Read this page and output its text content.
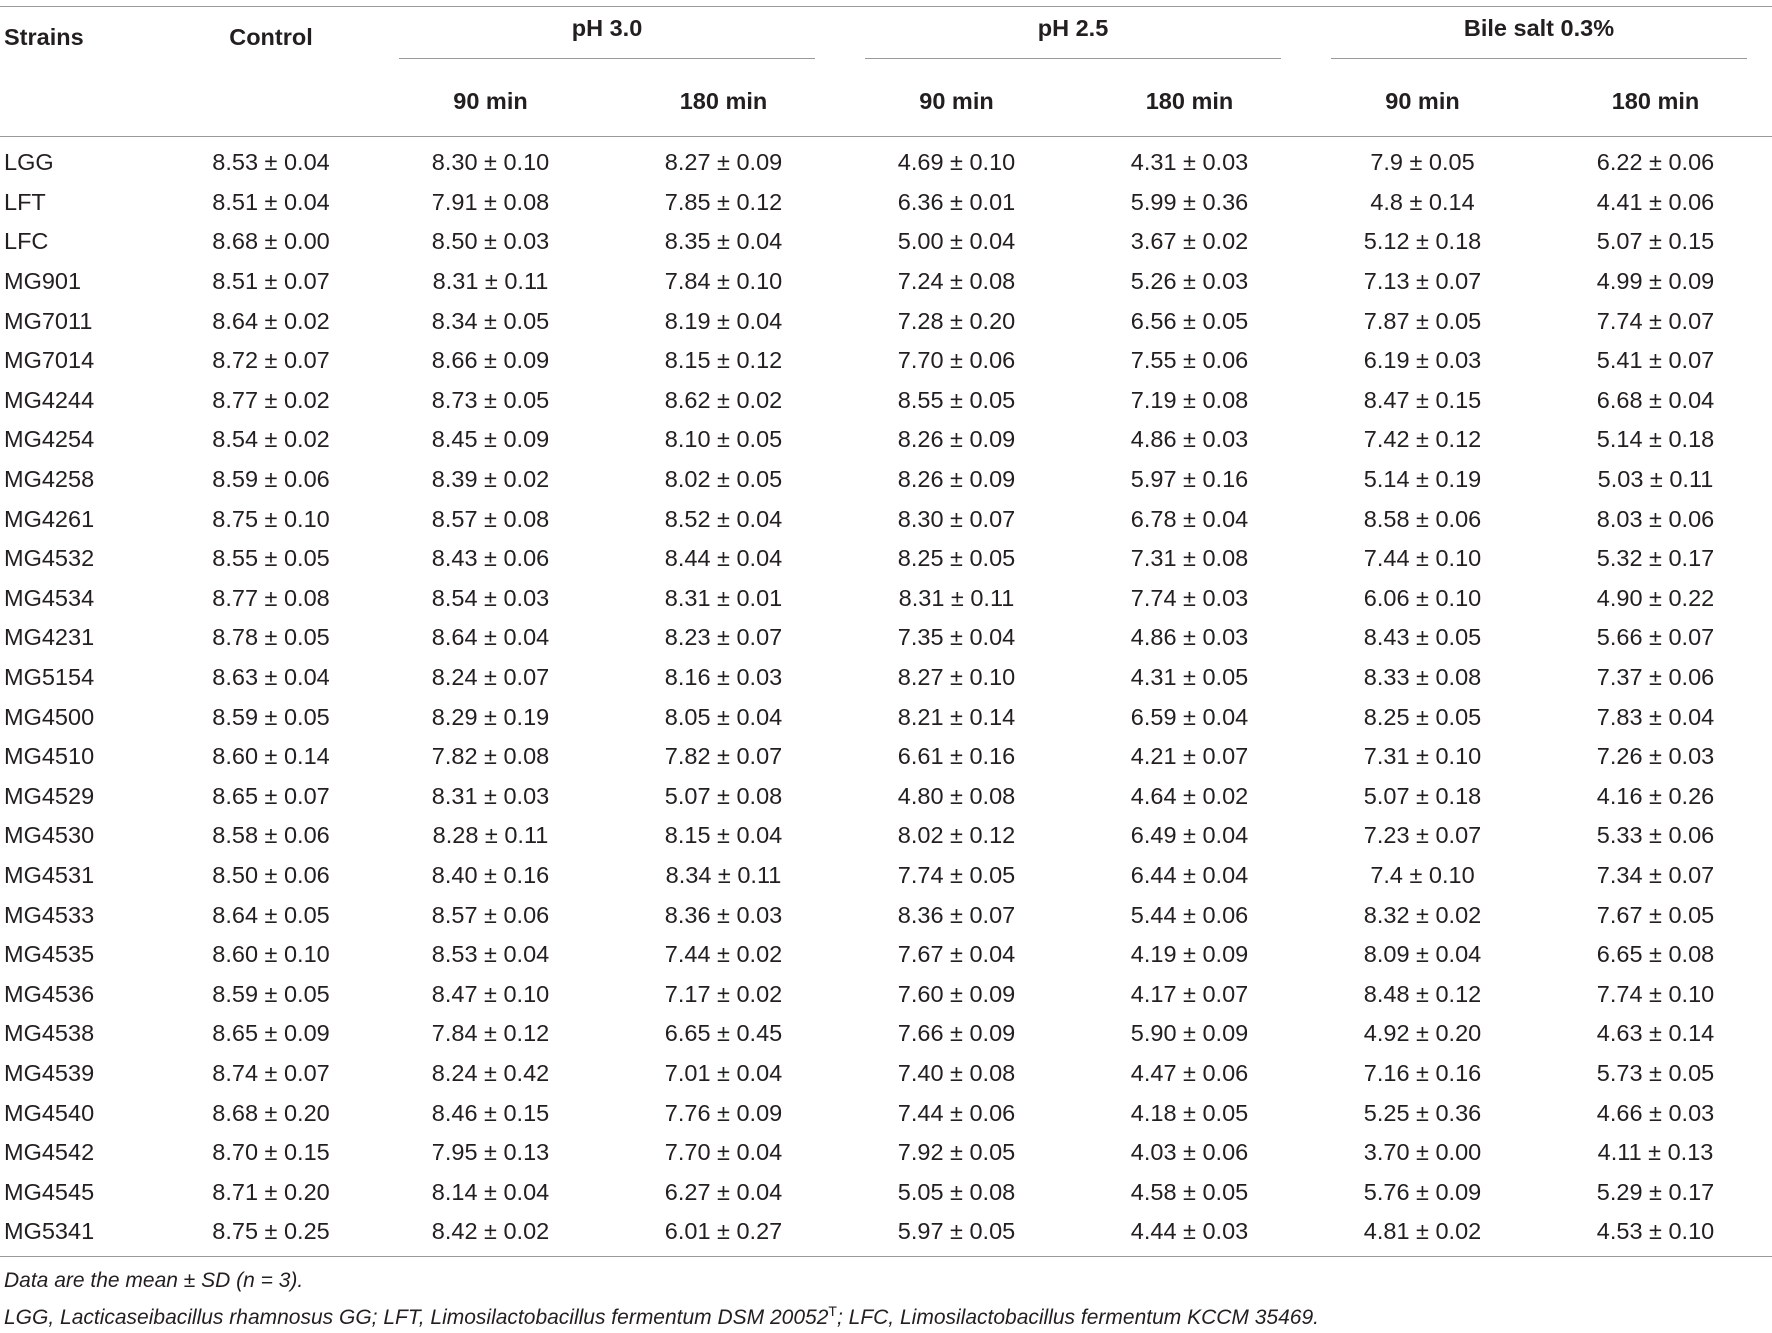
Strains	Control	pH 3.0		pH 2.5		Bile salt 0.3%	

		90 min	180 min	90 min	180 min	90 min	180 min
LGG	8.53 ± 0.04	8.30 ± 0.10	8.27 ± 0.09	4.69 ± 0.10	4.31 ± 0.03	7.9 ± 0.05	6.22 ± 0.06
LFT	8.51 ± 0.04	7.91 ± 0.08	7.85 ± 0.12	6.36 ± 0.01	5.99 ± 0.36	4.8 ± 0.14	4.41 ± 0.06
LFC	8.68 ± 0.00	8.50 ± 0.03	8.35 ± 0.04	5.00 ± 0.04	3.67 ± 0.02	5.12 ± 0.18	5.07 ± 0.15
MG901	8.51 ± 0.07	8.31 ± 0.11	7.84 ± 0.10	7.24 ± 0.08	5.26 ± 0.03	7.13 ± 0.07	4.99 ± 0.09
MG7011	8.64 ± 0.02	8.34 ± 0.05	8.19 ± 0.04	7.28 ± 0.20	6.56 ± 0.05	7.87 ± 0.05	7.74 ± 0.07
MG7014	8.72 ± 0.07	8.66 ± 0.09	8.15 ± 0.12	7.70 ± 0.06	7.55 ± 0.06	6.19 ± 0.03	5.41 ± 0.07
MG4244	8.77 ± 0.02	8.73 ± 0.05	8.62 ± 0.02	8.55 ± 0.05	7.19 ± 0.08	8.47 ± 0.15	6.68 ± 0.04
MG4254	8.54 ± 0.02	8.45 ± 0.09	8.10 ± 0.05	8.26 ± 0.09	4.86 ± 0.03	7.42 ± 0.12	5.14 ± 0.18
MG4258	8.59 ± 0.06	8.39 ± 0.02	8.02 ± 0.05	8.26 ± 0.09	5.97 ± 0.16	5.14 ± 0.19	5.03 ± 0.11
MG4261	8.75 ± 0.10	8.57 ± 0.08	8.52 ± 0.04	8.30 ± 0.07	6.78 ± 0.04	8.58 ± 0.06	8.03 ± 0.06
MG4532	8.55 ± 0.05	8.43 ± 0.06	8.44 ± 0.04	8.25 ± 0.05	7.31 ± 0.08	7.44 ± 0.10	5.32 ± 0.17
MG4534	8.77 ± 0.08	8.54 ± 0.03	8.31 ± 0.01	8.31 ± 0.11	7.74 ± 0.03	6.06 ± 0.10	4.90 ± 0.22
MG4231	8.78 ± 0.05	8.64 ± 0.04	8.23 ± 0.07	7.35 ± 0.04	4.86 ± 0.03	8.43 ± 0.05	5.66 ± 0.07
MG5154	8.63 ± 0.04	8.24 ± 0.07	8.16 ± 0.03	8.27 ± 0.10	4.31 ± 0.05	8.33 ± 0.08	7.37 ± 0.06
MG4500	8.59 ± 0.05	8.29 ± 0.19	8.05 ± 0.04	8.21 ± 0.14	6.59 ± 0.04	8.25 ± 0.05	7.83 ± 0.04
MG4510	8.60 ± 0.14	7.82 ± 0.08	7.82 ± 0.07	6.61 ± 0.16	4.21 ± 0.07	7.31 ± 0.10	7.26 ± 0.03
MG4529	8.65 ± 0.07	8.31 ± 0.03	5.07 ± 0.08	4.80 ± 0.08	4.64 ± 0.02	5.07 ± 0.18	4.16 ± 0.26
MG4530	8.58 ± 0.06	8.28 ± 0.11	8.15 ± 0.04	8.02 ± 0.12	6.49 ± 0.04	7.23 ± 0.07	5.33 ± 0.06
MG4531	8.50 ± 0.06	8.40 ± 0.16	8.34 ± 0.11	7.74 ± 0.05	6.44 ± 0.04	7.4 ± 0.10	7.34 ± 0.07
MG4533	8.64 ± 0.05	8.57 ± 0.06	8.36 ± 0.03	8.36 ± 0.07	5.44 ± 0.06	8.32 ± 0.02	7.67 ± 0.05
MG4535	8.60 ± 0.10	8.53 ± 0.04	7.44 ± 0.02	7.67 ± 0.04	4.19 ± 0.09	8.09 ± 0.04	6.65 ± 0.08
MG4536	8.59 ± 0.05	8.47 ± 0.10	7.17 ± 0.02	7.60 ± 0.09	4.17 ± 0.07	8.48 ± 0.12	7.74 ± 0.10
MG4538	8.65 ± 0.09	7.84 ± 0.12	6.65 ± 0.45	7.66 ± 0.09	5.90 ± 0.09	4.92 ± 0.20	4.63 ± 0.14
MG4539	8.74 ± 0.07	8.24 ± 0.42	7.01 ± 0.04	7.40 ± 0.08	4.47 ± 0.06	7.16 ± 0.16	5.73 ± 0.05
MG4540	8.68 ± 0.20	8.46 ± 0.15	7.76 ± 0.09	7.44 ± 0.06	4.18 ± 0.05	5.25 ± 0.36	4.66 ± 0.03
MG4542	8.70 ± 0.15	7.95 ± 0.13	7.70 ± 0.04	7.92 ± 0.05	4.03 ± 0.06	3.70 ± 0.00	4.11 ± 0.13
MG4545	8.71 ± 0.20	8.14 ± 0.04	6.27 ± 0.04	5.05 ± 0.08	4.58 ± 0.05	5.76 ± 0.09	5.29 ± 0.17
MG5341	8.75 ± 0.25	8.42 ± 0.02	6.01 ± 0.27	5.97 ± 0.05	4.44 ± 0.03	4.81 ± 0.02	4.53 ± 0.10
Data are the mean ± SD (n = 3).
LGG, Lacticaseibacillus rhamnosus GG; LFT, Limosilactobacillus fermentum DSM $20052^T$; LFC, Limosilactobacillus fermentum KCCM 35469.
